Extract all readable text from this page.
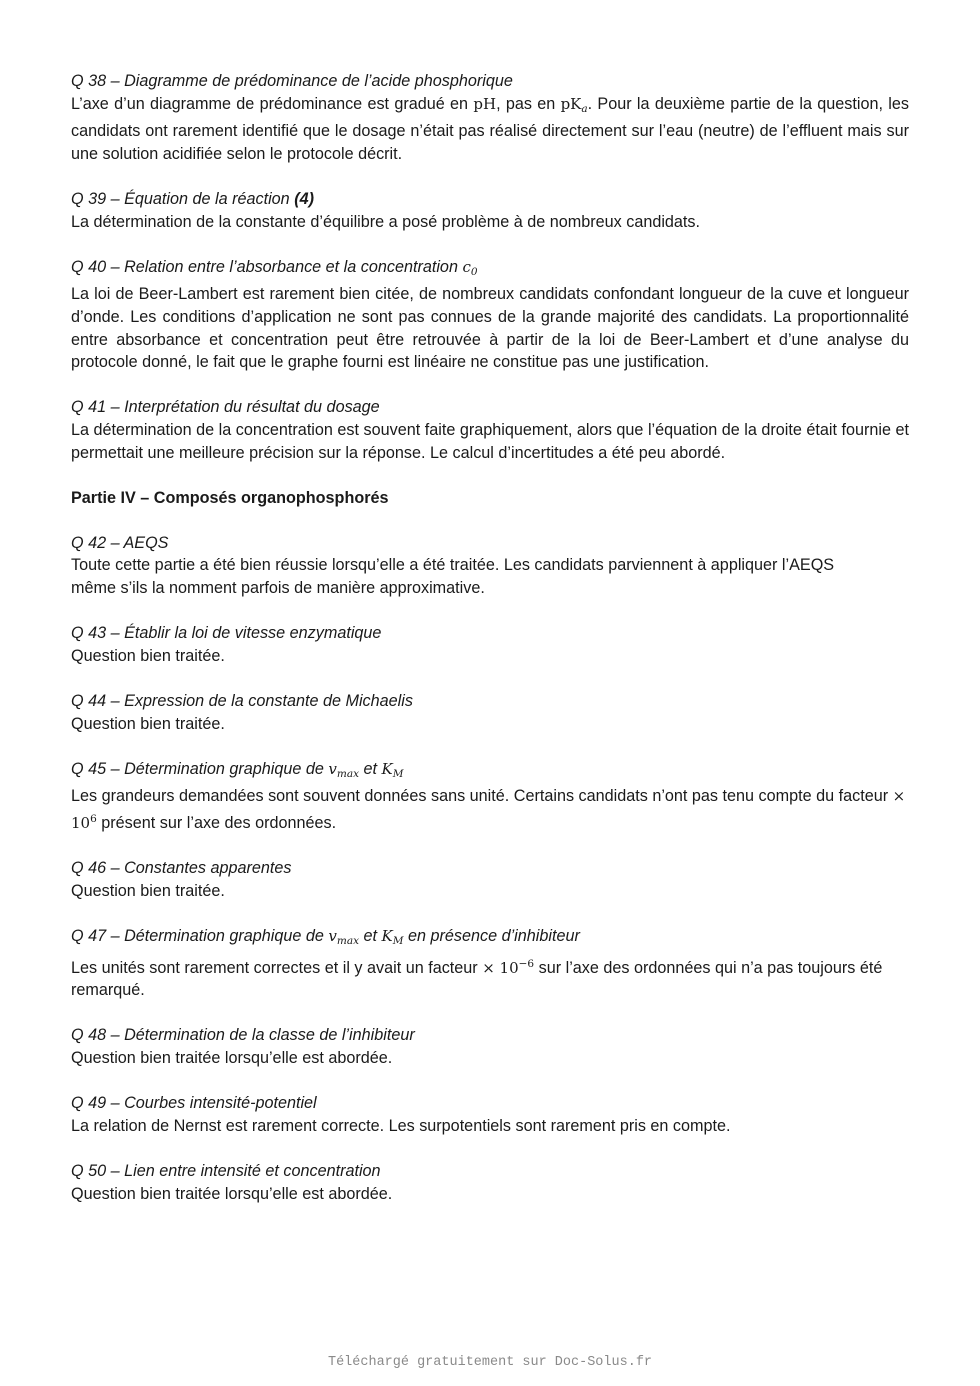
Q 38 – Diagramme de prédominance de l’acide phosphorique
L’axe d’un diagramme de prédominance est gradué en pH, pas en $pK_a$. Pour la deuxième partie de la question, les candidats ont rarement identifié que le dosage n’était pas réalisé directement sur l’eau (neutre) de l’effluent mais sur une solution acidifiée selon le protocole décrit.
Q 39 – Équation de la réaction (4)
La détermination de la constante d’équilibre a posé problème à de nombreux candidats.
Q 40 – Relation entre l’absorbance et la concentration $c_0$
La loi de Beer-Lambert est rarement bien citée, de nombreux candidats confondant longueur de la cuve et longueur d’onde. Les conditions d’application ne sont pas connues de la grande majorité des candidats. La proportionnalité entre absorbance et concentration peut être retrouvée à partir de la loi de Beer-Lambert et d’une analyse du protocole donné, le fait que le graphe fourni est linéaire ne constitue pas une justification.
Q 41 – Interprétation du résultat du dosage
La détermination de la concentration est souvent faite graphiquement, alors que l’équation de la droite était fournie et permettait une meilleure précision sur la réponse. Le calcul d’incertitudes a été peu abordé.
Partie IV – Composés organophosphorés
Q 42 – AEQS
Toute cette partie a été bien réussie lorsqu’elle a été traitée. Les candidats parviennent à appliquer l’AEQS même s’ils la nomment parfois de manière approximative.
Q 43 – Établir la loi de vitesse enzymatique
Question bien traitée.
Q 44 – Expression de la constante de Michaelis
Question bien traitée.
Q 45 – Détermination graphique de $v_{max}$ et $K_M$
Les grandeurs demandées sont souvent données sans unité. Certains candidats n’ont pas tenu compte du facteur × $10^6$ présent sur l’axe des ordonnées.
Q 46 – Constantes apparentes
Question bien traitée.
Q 47 – Détermination graphique de $v_{max}$ et $K_M$ en présence d’inhibiteur
Les unités sont rarement correctes et il y avait un facteur × $10^{-6}$ sur l’axe des ordonnées qui n’a pas toujours été remarqué.
Q 48 – Détermination de la classe de l’inhibiteur
Question bien traitée lorsqu’elle est abordée.
Q 49 – Courbes intensité-potentiel
La relation de Nernst est rarement correcte. Les surpotentiels sont rarement pris en compte.
Q 50 – Lien entre intensité et concentration
Question bien traitée lorsqu’elle est abordée.
Téléchargé gratuitement sur Doc-Solus.fr
